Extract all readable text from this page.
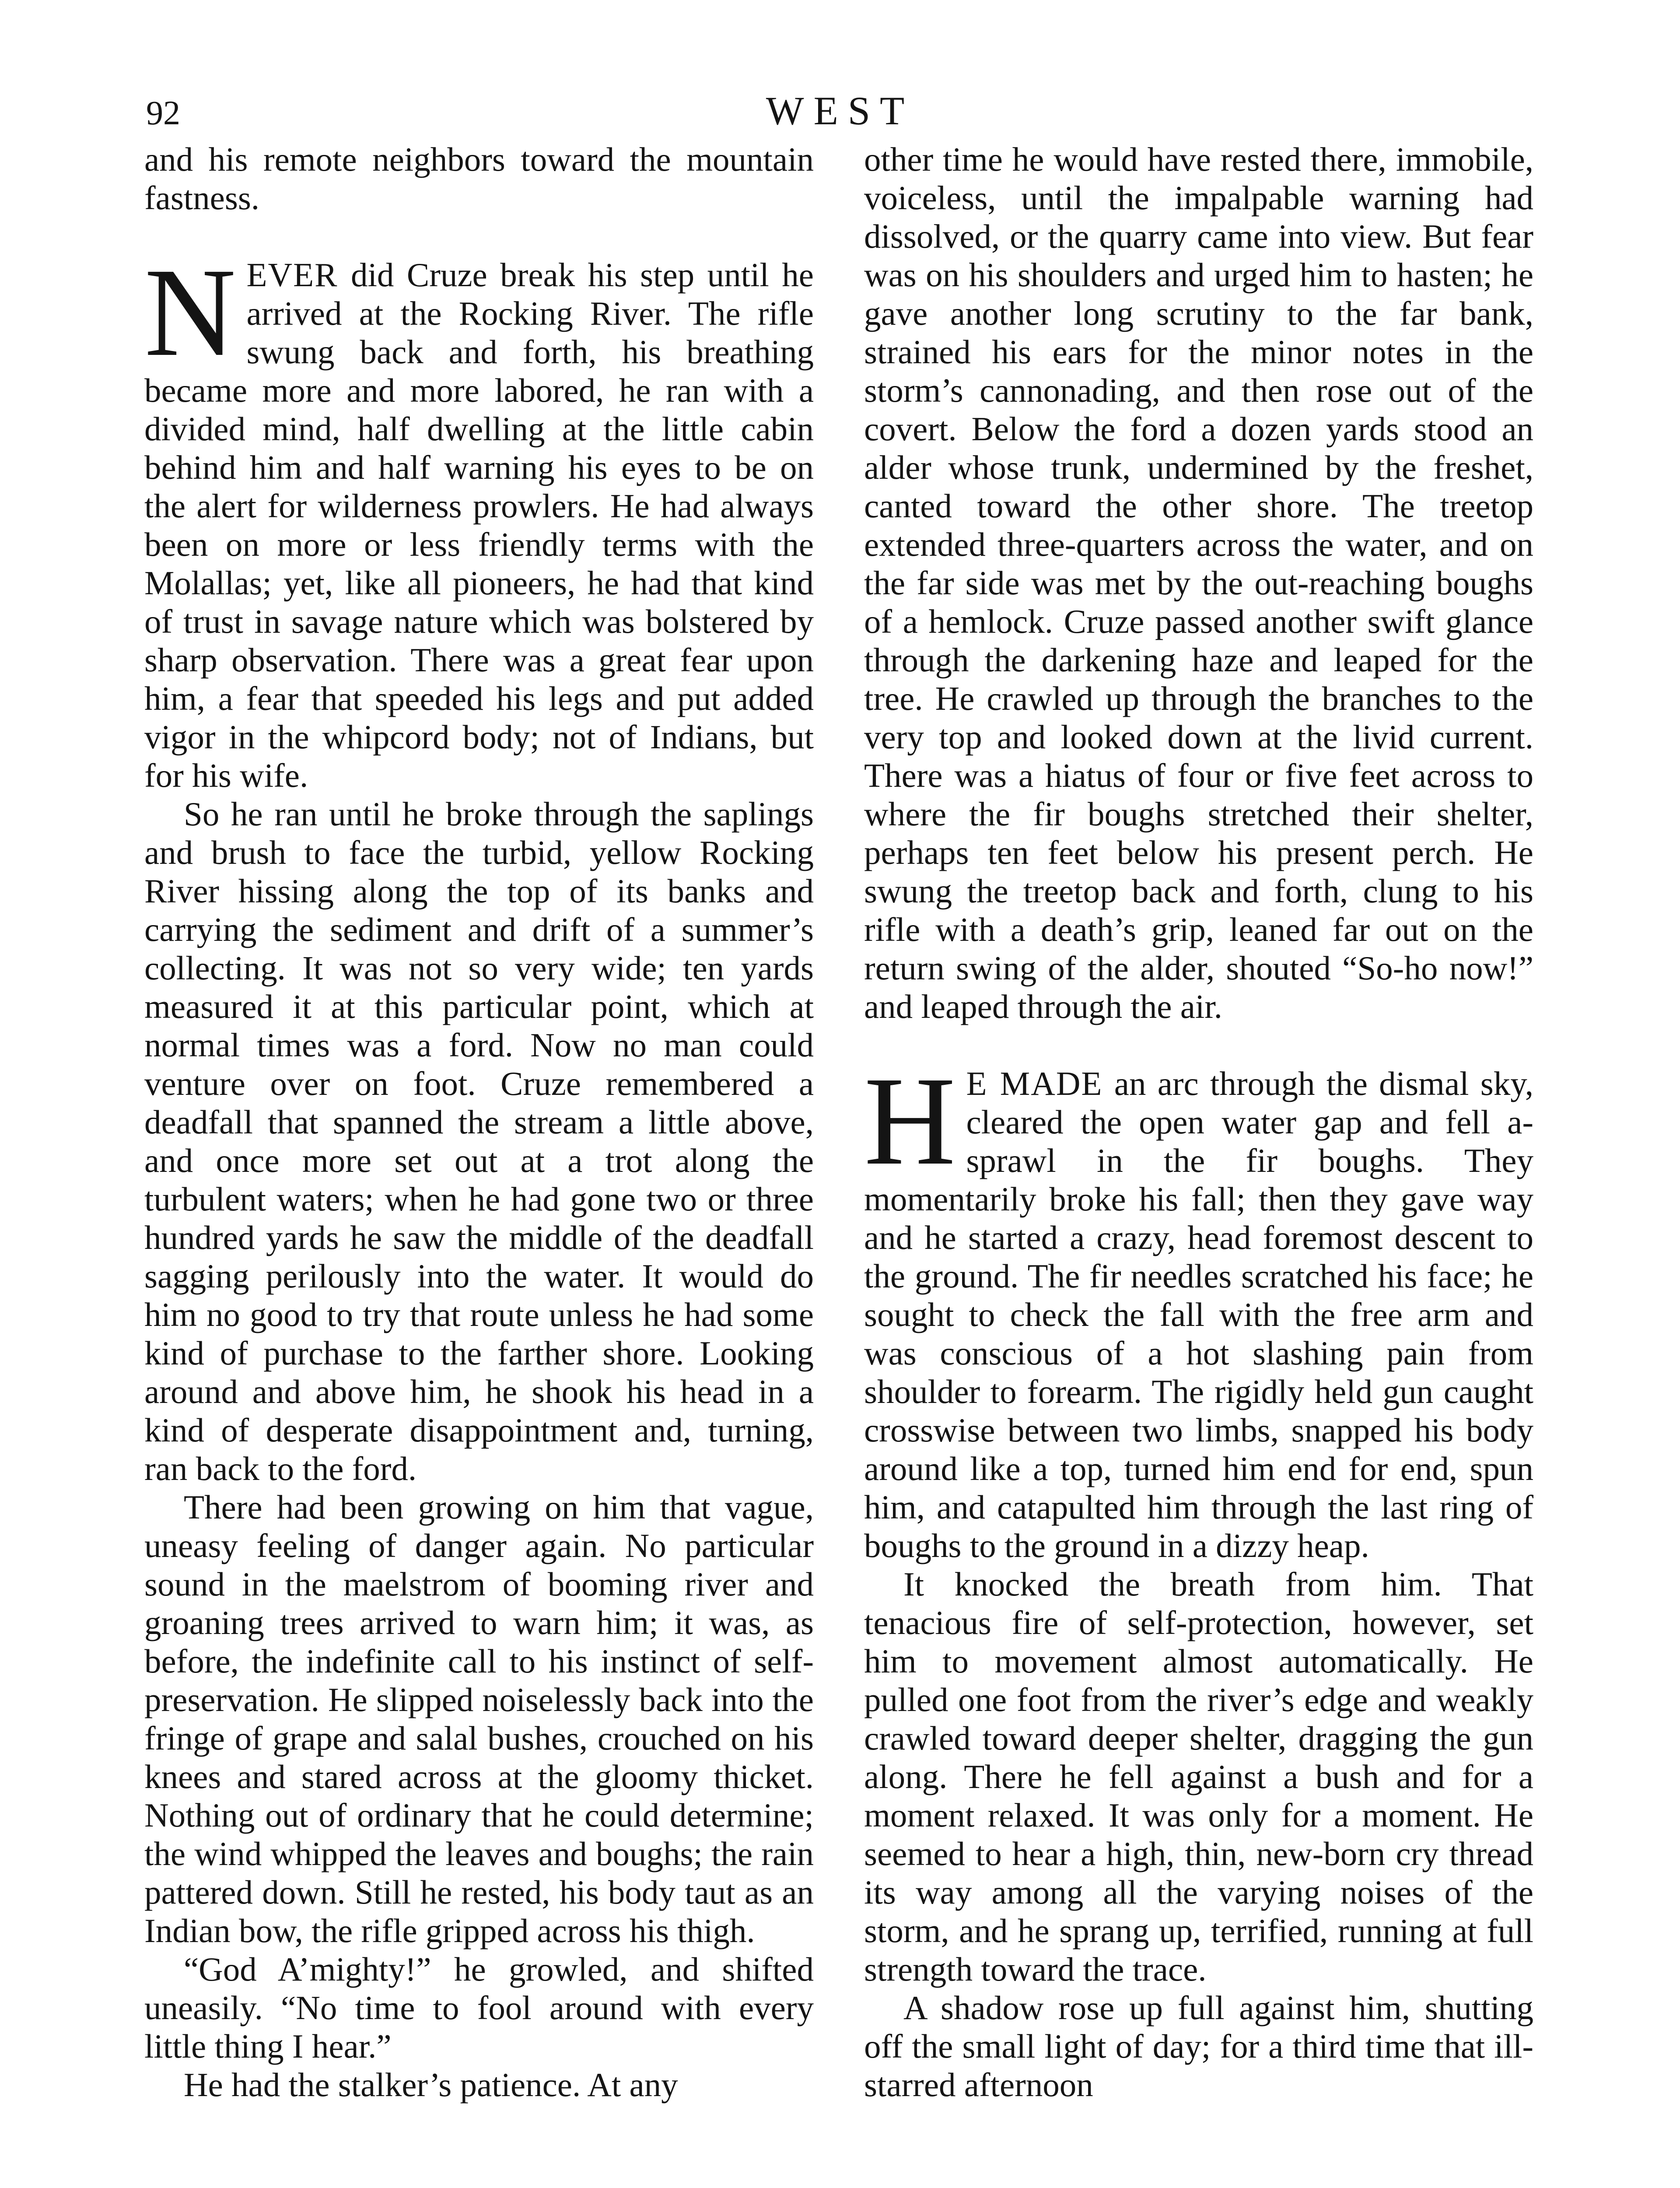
92	WEST

and his remote neighbors toward the mountain fastness.

NEVER did Cruze break his step until he arrived at the Rocking River. The rifle swung back and forth, his breathing became more and more labored, he ran with a divided mind, half dwelling at the little cabin behind him and half warning his eyes to be on the alert for wilderness prowlers. He had always been on more or less friendly terms with the Molallas; yet, like all pioneers, he had that kind of trust in savage nature which was bolstered by sharp observation. There was a great fear upon him, a fear that speeded his legs and put added vigor in the whipcord body; not of Indians, but for his wife.

So he ran until he broke through the saplings and brush to face the turbid, yellow Rocking River hissing along the top of its banks and carrying the sediment and drift of a summer’s collecting. It was not so very wide; ten yards measured it at this particular point, which at normal times was a ford. Now no man could venture over on foot. Cruze remembered a deadfall that spanned the stream a little above, and once more set out at a trot along the turbulent waters; when he had gone two or three hundred yards he saw the middle of the deadfall sagging perilously into the water. It would do him no good to try that route unless he had some kind of purchase to the farther shore. Looking around and above him, he shook his head in a kind of desperate disappointment and, turning, ran back to the ford.

There had been growing on him that vague, uneasy feeling of danger again. No particular sound in the maelstrom of booming river and groaning trees arrived to warn him; it was, as before, the indefinite call to his instinct of self-preservation. He slipped noiselessly back into the fringe of grape and salal bushes, crouched on his knees and stared across at the gloomy thicket. Nothing out of ordinary that he could determine; the wind whipped the leaves and boughs; the rain pattered down. Still he rested, his body taut as an Indian bow, the rifle gripped across his thigh.

“God A’mighty!” he growled, and shifted uneasily. “No time to fool around with every little thing I hear.”

He had the stalker’s patience. At any

other time he would have rested there, immobile, voiceless, until the impalpable warning had dissolved, or the quarry came into view. But fear was on his shoulders and urged him to hasten; he gave another long scrutiny to the far bank, strained his ears for the minor notes in the storm’s cannonading, and then rose out of the covert. Below the ford a dozen yards stood an alder whose trunk, undermined by the freshet, canted toward the other shore. The treetop extended three-quarters across the water, and on the far side was met by the out-reaching boughs of a hemlock. Cruze passed another swift glance through the darkening haze and leaped for the tree. He crawled up through the branches to the very top and looked down at the livid current. There was a hiatus of four or five feet across to where the fir boughs stretched their shelter, perhaps ten feet below his present perch. He swung the treetop back and forth, clung to his rifle with a death’s grip, leaned far out on the return swing of the alder, shouted “So-ho now!” and leaped through the air.

H E MADE an arc through the dismal sky, cleared the open water gap and fell a-sprawl in the fir boughs. They momentarily broke his fall; then they gave way and he started a crazy, head foremost descent to the ground. The fir needles scratched his face; he sought to check the fall with the free arm and was conscious of a hot slashing pain from shoulder to forearm. The rigidly held gun caught crosswise between two limbs, snapped his body around like a top, turned him end for end, spun him, and catapulted him through the last ring of boughs to the ground in a dizzy heap.

It knocked the breath from him. That tenacious fire of self-protection, however, set him to movement almost automatically. He pulled one foot from the river’s edge and weakly crawled toward deeper shelter, dragging the gun along. There he fell against a bush and for a moment relaxed. It was only for a moment. He seemed to hear a high, thin, new-born cry thread its way among all the varying noises of the storm, and he sprang up, terrified, running at full strength toward the trace.

A shadow rose up full against him, shutting off the small light of day; for a third time that ill-starred afternoon
